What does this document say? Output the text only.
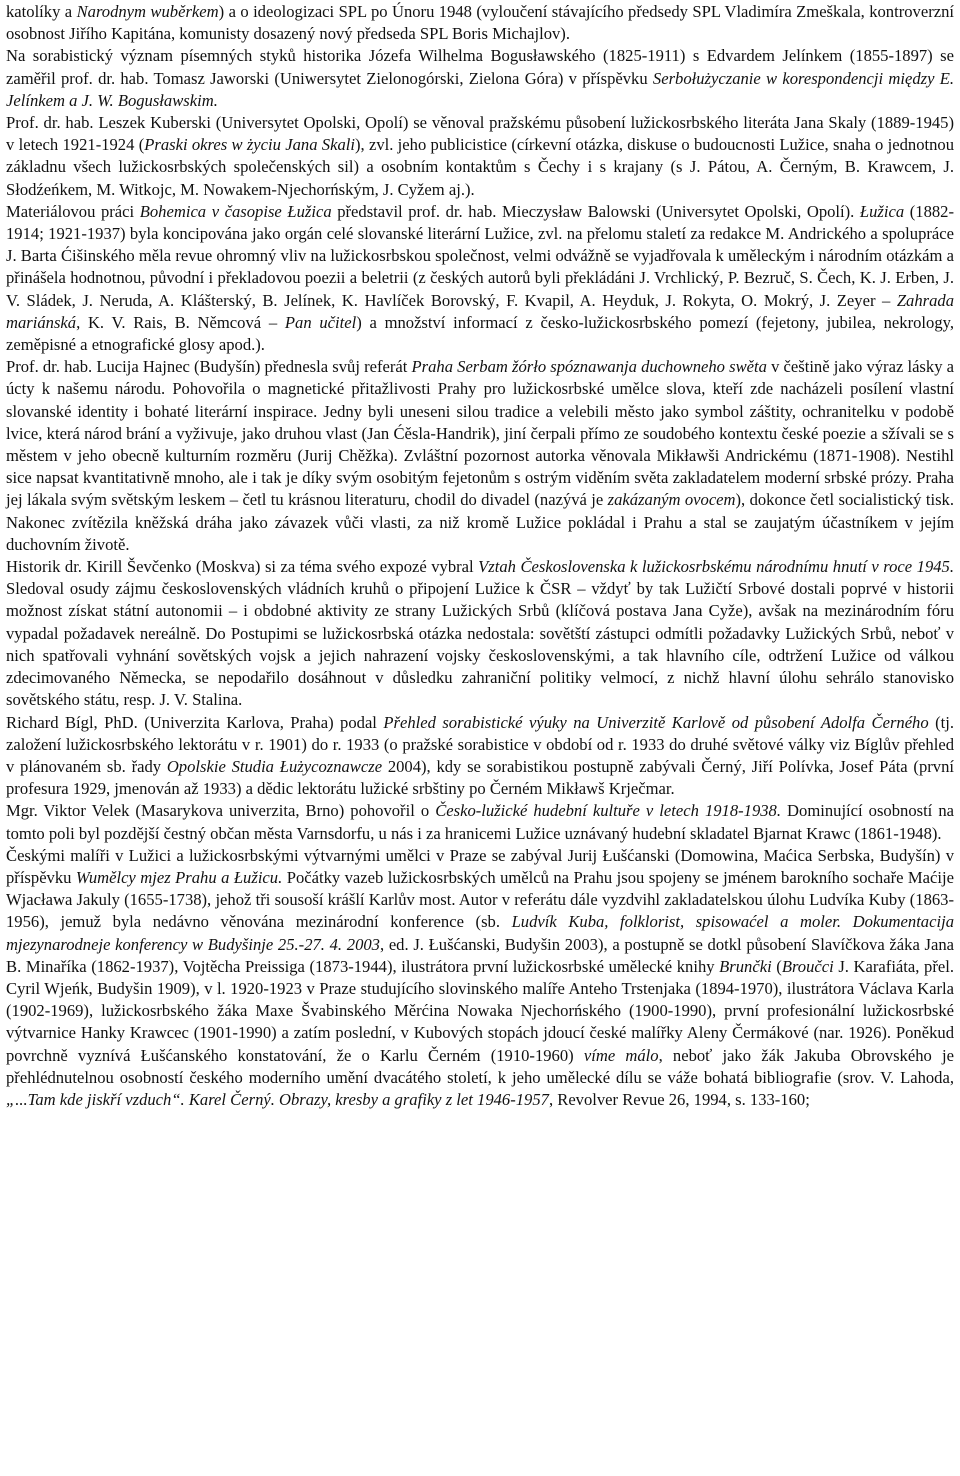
katolíky a Narodnym wuběrkem) a o ideologizaci SPL po Únoru 1948 (vyloučení stávajícího předsedy SPL Vladimíra Zmeškala, kontroverzní osobnost Jiřího Kapitána, komunisty dosazený nový předseda SPL Boris Michajlov).

Na sorabistický význam písemných styků historika Józefa Wilhelma Bogusławského (1825-1911) s Edvardem Jelínkem (1855-1897) se zaměřil prof. dr. hab. Tomasz Jaworski (Uniwersytet Zielonogórski, Zielona Góra) v příspěvku Serbołużyczanie w korespondencji między E. Jelínkem a J. W. Bogusławskim.

Prof. dr. hab. Leszek Kuberski (Universytet Opolski, Opolí) se věnoval pražskému působení lužickosrbského literáta Jana Skaly (1889-1945) v letech 1921-1924 (Praski okres w życiu Jana Skali), zvl. jeho publicistice (církevní otázka, diskuse o budoucnosti Lužice, snaha o jednotnou základnu všech lužickosrbských společenských sil) a osobním kontaktům s Čechy i s krajany (s J. Pátou, A. Černým, B. Krawcem, J. Słodźeńkem, M. Witkojc, M. Nowakem-Njechorńským, J. Cyžem aj.).

Materiálovou práci Bohemica v časopise Łužica představil prof. dr. hab. Mieczysław Balowski (Universytet Opolski, Opolí). Łužica (1882-1914; 1921-1937) byla koncipována jako orgán celé slovanské literární Lužice, zvl. na přelomu staletí za redakce M. Andrického a spolupráce J. Barta Ćišinského měla revue ohromný vliv na lužickosrbskou společnost, velmi odvážně se vyjadřovala k uměleckým i národním otázkám a přinášela hodnotnou, původní i překladovou poezii a beletrii (z českých autorů byli překládáni J. Vrchlický, P. Bezruč, S. Čech, K. J. Erben, J. V. Sládek, J. Neruda, A. Klášterský, B. Jelínek, K. Havlíček Borovský, F. Kvapil, A. Heyduk, J. Rokyta, O. Mokrý, J. Zeyer – Zahrada mariánská, K. V. Rais, B. Němcová – Pan učitel) a množství informací z česko-lužickosrbského pomezí (fejetony, jubilea, nekrology, zeměpisné a etnografické glosy apod.).

Prof. dr. hab. Lucija Hajnec (Budyšín) přednesla svůj referát Praha Serbam žórło spóznawanja duchowneho swěta v češtině jako výraz lásky a úcty k našemu národu. Pohovořila o magnetické přitažlivosti Prahy pro lužickosrbské umělce slova, kteří zde nacházeli posílení vlastní slovanské identity i bohaté literární inspirace. Jedny byli uneseni silou tradice a velebili město jako symbol záštity, ochranitelku v podobě lvice, která národ brání a vyživuje, jako druhou vlast (Jan Ćěsla-Handrik), jiní čerpali přímo ze soudobého kontextu české poezie a sžívali se s městem v jeho obecně kulturním rozměru (Jurij Chěžka). Zvláštní pozornost autorka věnovala Mikławši Andrickému (1871-1908). Nestihl sice napsat kvantitativně mnoho, ale i tak je díky svým osobitým fejetonům s ostrým viděním světa zakladatelem moderní srbské prózy. Praha jej lákala svým světským leskem – četl tu krásnou literaturu, chodil do divadel (nazývá je zakázaným ovocem), dokonce četl socialistický tisk. Nakonec zvítězila kněžská dráha jako závazek vůči vlasti, za niž kromě Lužice pokládal i Prahu a stal se zaujatým účastníkem v jejím duchovním životě.

Historik dr. Kirill Ševčenko (Moskva) si za téma svého expozé vybral Vztah Československa k lužickosrbskému národnímu hnutí v roce 1945. Sledoval osudy zájmu československých vládních kruhů o připojení Lužice k ČSR – vždyť by tak Lužičtí Srbové dostali poprvé v historii možnost získat státní autonomii – i obdobné aktivity ze strany Lužických Srbů (klíčová postava Jana Cyže), avšak na mezinárodním fóru vypadal požadavek nereálně. Do Postupimi se lužickosrbská otázka nedostala: sovětští zástupci odmítli požadavky Lužických Srbů, neboť v nich spatřovali vyhnání sovětských vojsk a jejich nahrazení vojsky československými, a tak hlavního cíle, odtržení Lužice od válkou zdecimovaného Německa, se nepodařilo dosáhnout v důsledku zahraniční politiky velmocí, z nichž hlavní úlohu sehrálo stanovisko sovětského státu, resp. J. V. Stalina.

Richard Bígl, PhD. (Univerzita Karlova, Praha) podal Přehled sorabistické výuky na Univerzitě Karlově od působení Adolfa Černého (tj. založení lužickosrbského lektorátu v r. 1901) do r. 1933 (o pražské sorabistice v období od r. 1933 do druhé světové války viz Bíglův přehled v plánovaném sb. řady Opolskie Studia Łużycoznawcze 2004), kdy se sorabistikou postupně zabývali Černý, Jiří Polívka, Josef Páta (první profesura 1929, jmenován až 1933) a dědic lektorátu lužické srbštiny po Černém Mikławš Krječmar.

Mgr. Viktor Velek (Masarykova univerzita, Brno) pohovořil o Česko-lužické hudební kultuře v letech 1918-1938. Dominující osobností na tomto poli byl pozdější čestný občan města Varnsdorfu, u nás i za hranicemi Lužice uznávaný hudební skladatel Bjarnat Krawc (1861-1948).

Českými malíři v Lužici a lužickosrbskými výtvarnými umělci v Praze se zabýval Jurij Łušćanski (Domowina, Maćica Serbska, Budyšín) v příspěvku Wumělcy mjez Prahu a Łužicu. Počátky vazeb lužickosrbských umělců na Prahu jsou spojeny se jménem barokního sochaře Maćije Wjacława Jakuly (1655-1738), jehož tři sousoší krášlí Karlův most. Autor v referátu dále vyzdvihl zakladatelskou úlohu Ludvíka Kuby (1863-1956), jemuž byla nedávno věnována mezinárodní konference (sb. Ludvík Kuba, folklorist, spisowaćel a moler. Dokumentacija mjezynarodneje konferency w Budyšinje 25.-27. 4. 2003, ed. J. Łušćanski, Budyšin 2003), a postupně se dotkl působení Slavíčkova žáka Jana B. Minaříka (1862-1937), Vojtěcha Preissiga (1873-1944), ilustrátora první lužickosrbské umělecké knihy Brunčki (Broučci J. Karafiáta, přel. Cyril Wjeńk, Budyšin 1909), v l. 1920-1923 v Praze studujícího slovinského malíře Anteho Trstenjaka (1894-1970), ilustrátora Václava Karla (1902-1969), lužickosrbského žáka Maxe Švabinského Měrćina Nowaka Njechorńského (1900-1990), první profesionální lužickosrbské výtvarnice Hanky Krawcec (1901-1990) a zatím poslední, v Kubových stopách jdoucí české malířky Aleny Čermákové (nar. 1926). Poněkud povrchně vyznívá Łušćanského konstatování, že o Karlu Černém (1910-1960) víme málo, neboť jako žák Jakuba Obrovského je přehlédnutelnou osobností českého moderního umění dvacátého století, k jeho umělecké dílu se váže bohatá bibliografie (srov. V. Lahoda, „...Tam kde jiskří vzduch“. Karel Černý. Obrazy, kresby a grafiky z let 1946-1957, Revolver Revue 26, 1994, s. 133-160;
